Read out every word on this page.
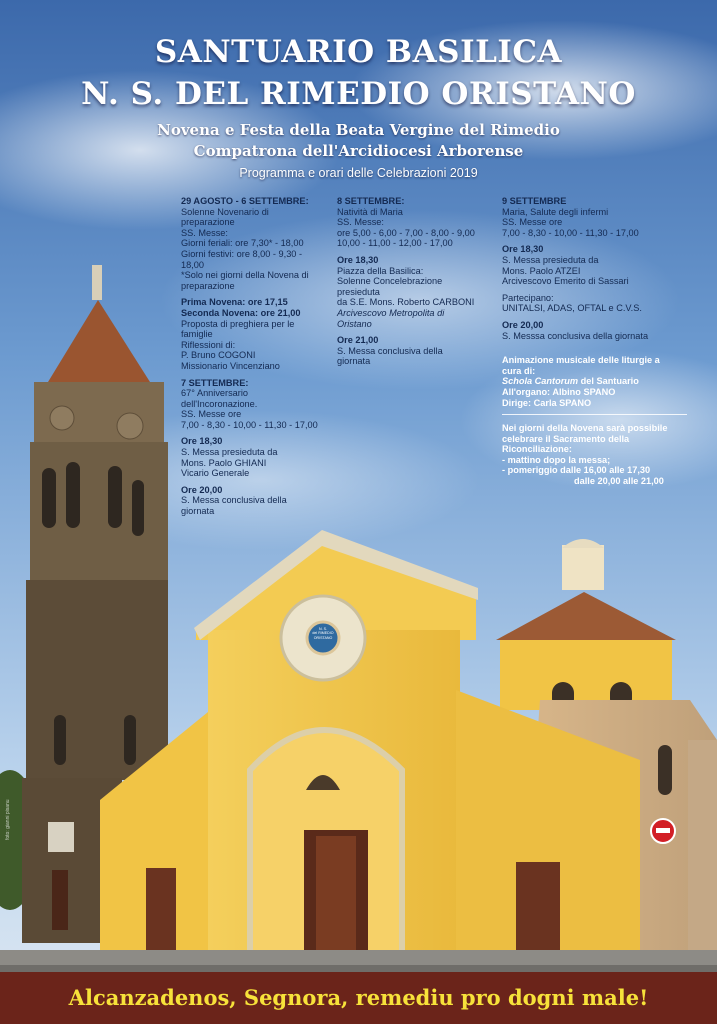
SANTUARIO BASILICA
N. S. DEL RIMEDIO ORISTANO
Novena e Festa della Beata Vergine del Rimedio
Compatrona dell'Arcidiocesi Arborense
Programma e orari delle Celebrazioni 2019

29 AGOSTO - 6 SETTEMBRE:
Solenne Novenario di
preparazione
SS. Messe:
Giorni feriali: ore 7,30* - 18,00
Giorni festivi: ore 8,00 - 9,30 -
18,00
*Solo nei giorni della Novena di
preparazione

Prima Novena: ore 17,15
Seconda Novena: ore 21,00
Proposta di preghiera per le
famiglie
Riflessioni di:
P. Bruno COGONI
Missionario Vincenziano

7 SETTEMBRE:
67° Anniversario
dell'Incoronazione.
SS. Messe ore
7,00 - 8,30 - 10,00 - 11,30 - 17,00

Ore 18,30
S. Messa presieduta da
Mons. Paolo GHIANI
Vicario Generale

Ore 20,00
S. Messa conclusiva della
giornata

8 SETTEMBRE:
Natività di Maria
SS. Messe:
ore 5,00 - 6,00 - 7,00 - 8,00 - 9,00
10,00 - 11,00 - 12,00 - 17,00

Ore 18,30
Piazza della Basilica:
Solenne Concelebrazione
presieduta
da S.E. Mons. Roberto CARBONI
Arcivescovo Metropolita di
Oristano

Ore 21,00
S. Messa conclusiva della
giornata

9 SETTEMBRE
Maria, Salute degli infermi
SS. Messe ore
7,00 - 8,30 - 10,00 - 11,30 - 17,00

Ore 18,30
S. Messa presieduta da
Mons. Paolo ATZEI
Arcivescovo Emerito di Sassari

Partecipano:
UNITALSI, ADAS, OFTAL e C.V.S.

Ore 20,00
S. Messsa conclusiva della giornata

Animazione musicale delle liturgie a
cura di:
Schola Cantorum del Santuario
All'organo: Albino SPANO
Dirige: Carla SPANO

Nei giorni della Novena sarà possibile
celebrare il Sacramento della
Riconciliazione:
- mattino dopo la messa;
- pomeriggio dalle 16,00 alle 17,30
dalle 20,00 alle 21,00

N. S.
del RIMEDIO
ORISTANO
foto: gianni pisanu
Alcanzadenos, Segnora, remediu pro dogni male!
